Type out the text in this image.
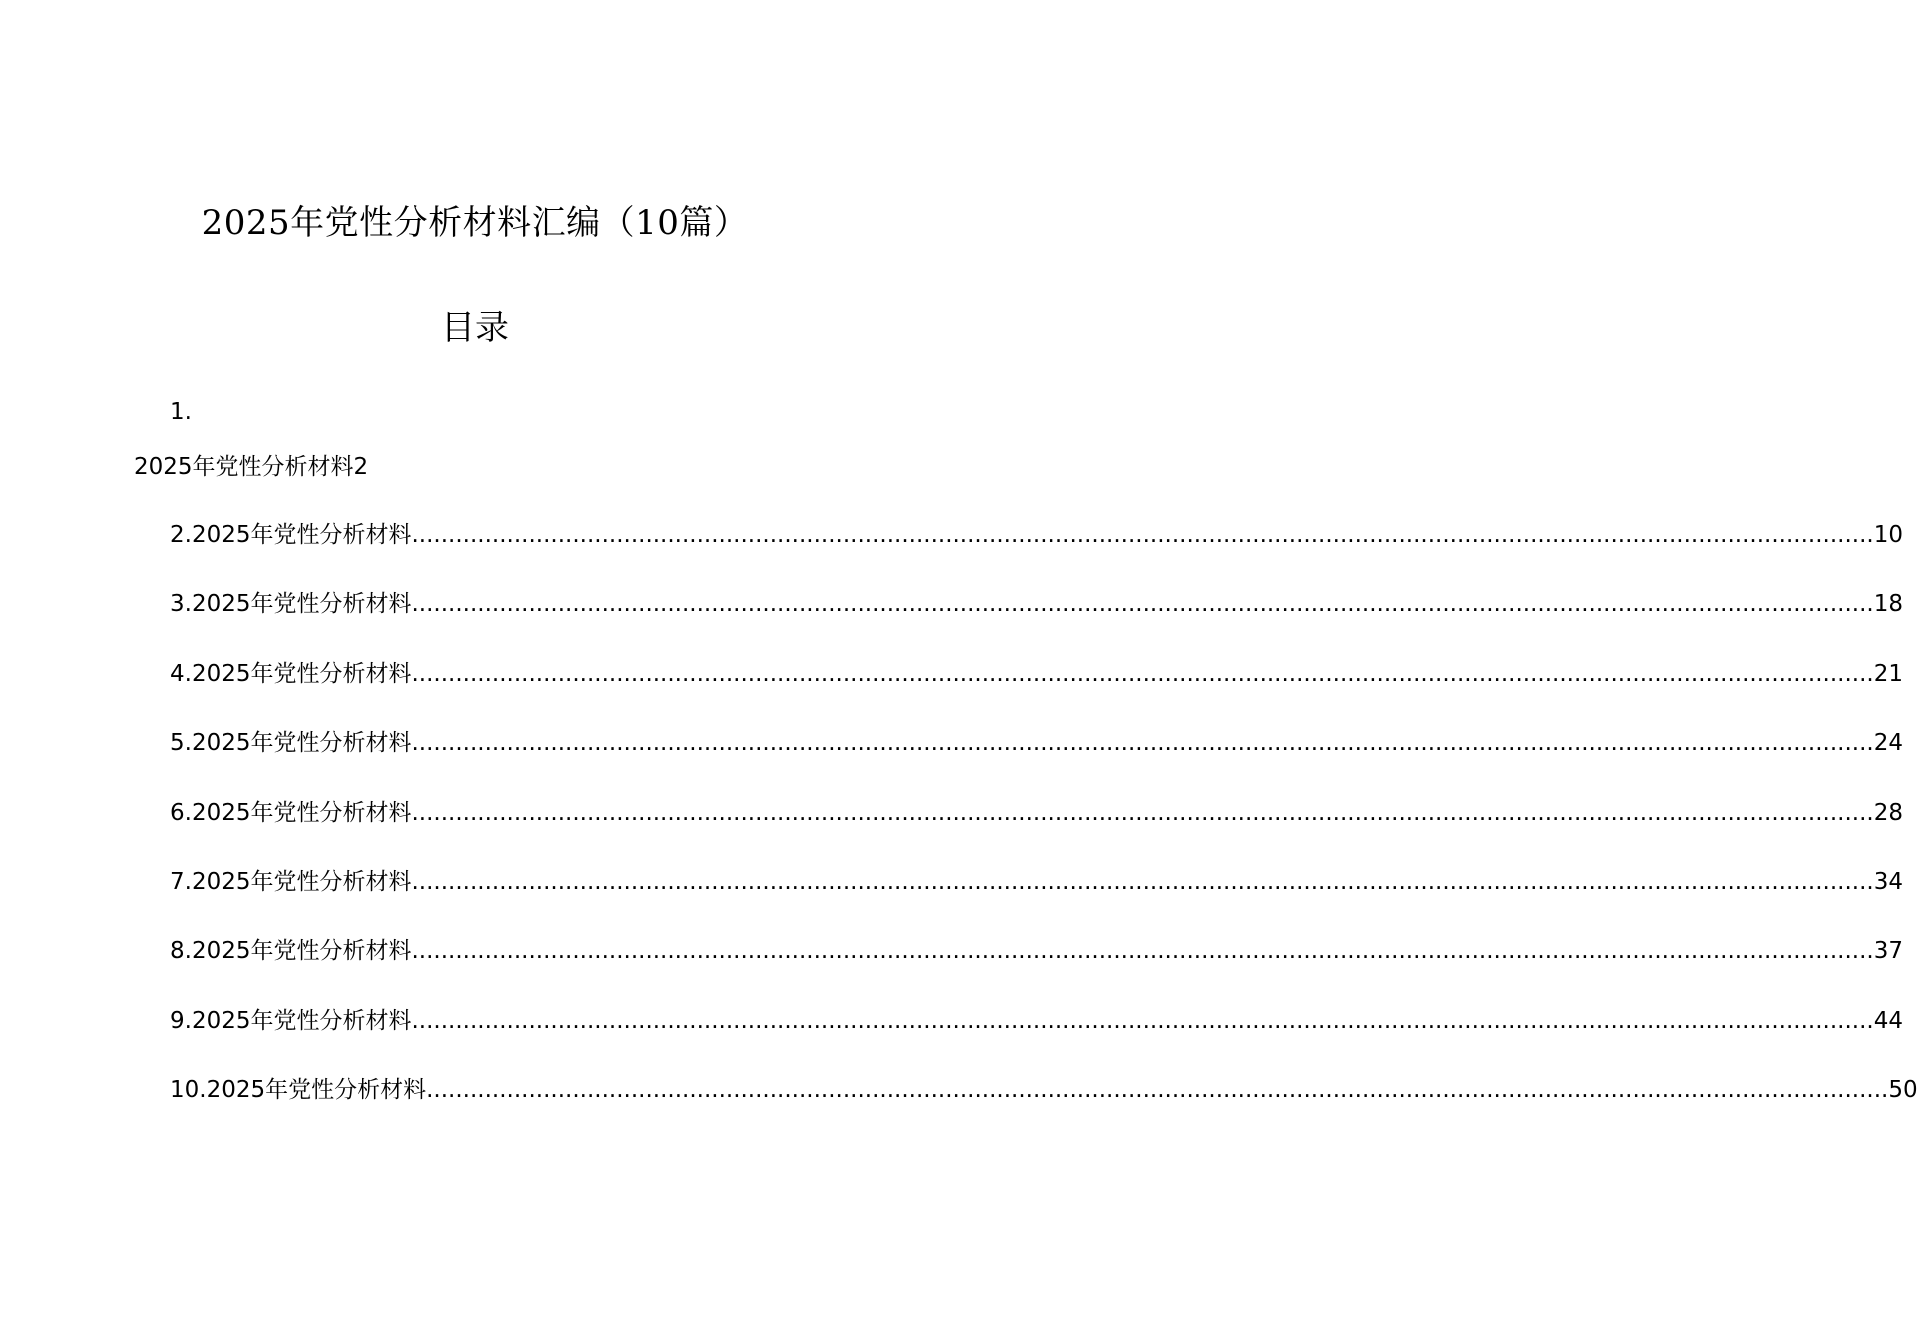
2025年党性分析材料汇编（10篇）
目录
1.
2025年党性分析材料2
2.2025年党性分析材料 ........................................................................................................................................................................................................ 10
3.2025年党性分析材料 ........................................................................................................................................................................................................ 18
4.2025年党性分析材料 ........................................................................................................................................................................................................ 21
5.2025年党性分析材料 ........................................................................................................................................................................................................ 24
6.2025年党性分析材料 ........................................................................................................................................................................................................ 28
7.2025年党性分析材料 ........................................................................................................................................................................................................ 34
8.2025年党性分析材料 ........................................................................................................................................................................................................ 37
9.2025年党性分析材料 ........................................................................................................................................................................................................ 44
10.2025年党性分析材料 ........................................................................................................................................................................................................ 50
